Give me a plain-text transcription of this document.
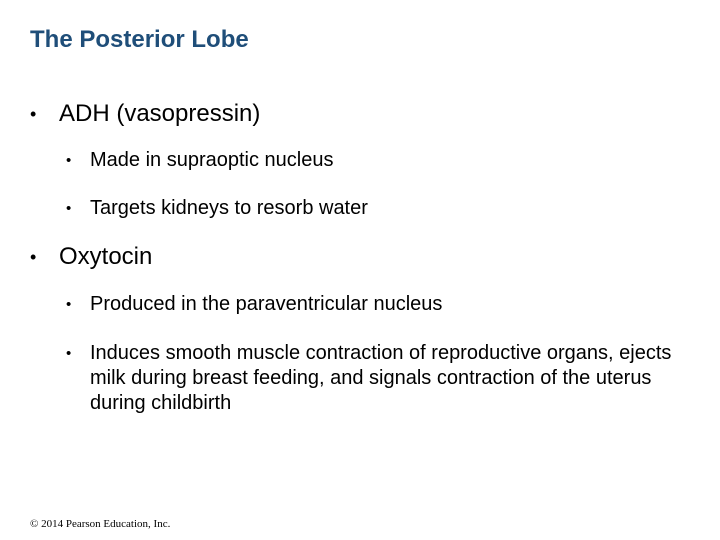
The Posterior Lobe
• ADH (vasopressin)
• Made in supraoptic nucleus
• Targets kidneys to resorb water
• Oxytocin
• Produced in the paraventricular nucleus
• Induces smooth muscle contraction of reproductive organs, ejects milk during breast feeding, and signals contraction of the uterus during childbirth
© 2014 Pearson Education, Inc.
